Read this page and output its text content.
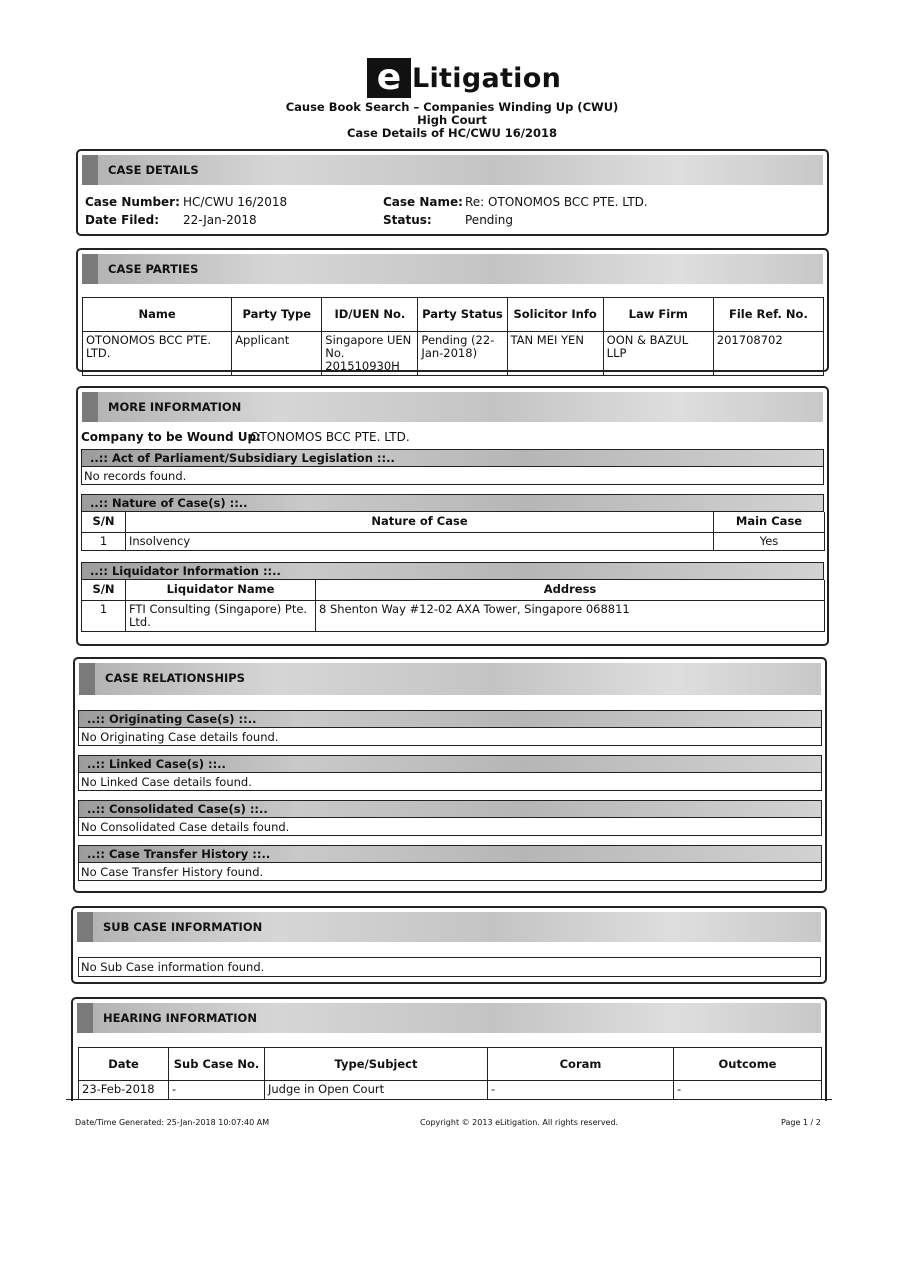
e Litigation
Cause Book Search – Companies Winding Up (CWU)
High Court
Case Details of HC/CWU 16/2018
CASE DETAILS
Case Number: HC/CWU 16/2018
Date Filed: 22-Jan-2018
Case Name: Re: OTONOMOS BCC PTE. LTD.
Status:	Pending
CASE PARTIES
Name	Party Type	ID/UEN No.	Party Status	Solicitor Info	Law Firm	File Ref. No.
OTONOMOS BCC PTE. LTD.	Applicant	Singapore UEN No. 201510930H	Pending (22-Jan-2018)	TAN MEI YEN	OON & BAZUL LLP	201708702
MORE INFORMATION
Company to be Wound Up:
OTONOMOS BCC PTE. LTD.
..:: Act of Parliament/Subsidiary Legislation ::..
No records found.
..:: Nature of Case(s) ::..
S/N	Nature of Case	Main Case
1	Insolvency	Yes
..:: Liquidator Information ::..
S/N	Liquidator Name	Address
1	FTI Consulting (Singapore) Pte. Ltd.	8 Shenton Way #12-02 AXA Tower, Singapore 068811
CASE RELATIONSHIPS
..:: Originating Case(s) ::..
No Originating Case details found.
..:: Linked Case(s) ::..
No Linked Case details found.
..:: Consolidated Case(s) ::..
No Consolidated Case details found.
..:: Case Transfer History ::..
No Case Transfer History found.
SUB CASE INFORMATION
No Sub Case information found.
HEARING INFORMATION
Date	Sub Case No.	Type/Subject	Coram	Outcome
23-Feb-2018	-	Judge in Open Court	-	-
Date/Time Generated: 25-Jan-2018 10:07:40 AM	Copyright © 2013 eLitigation. All rights reserved.	Page 1 / 2
